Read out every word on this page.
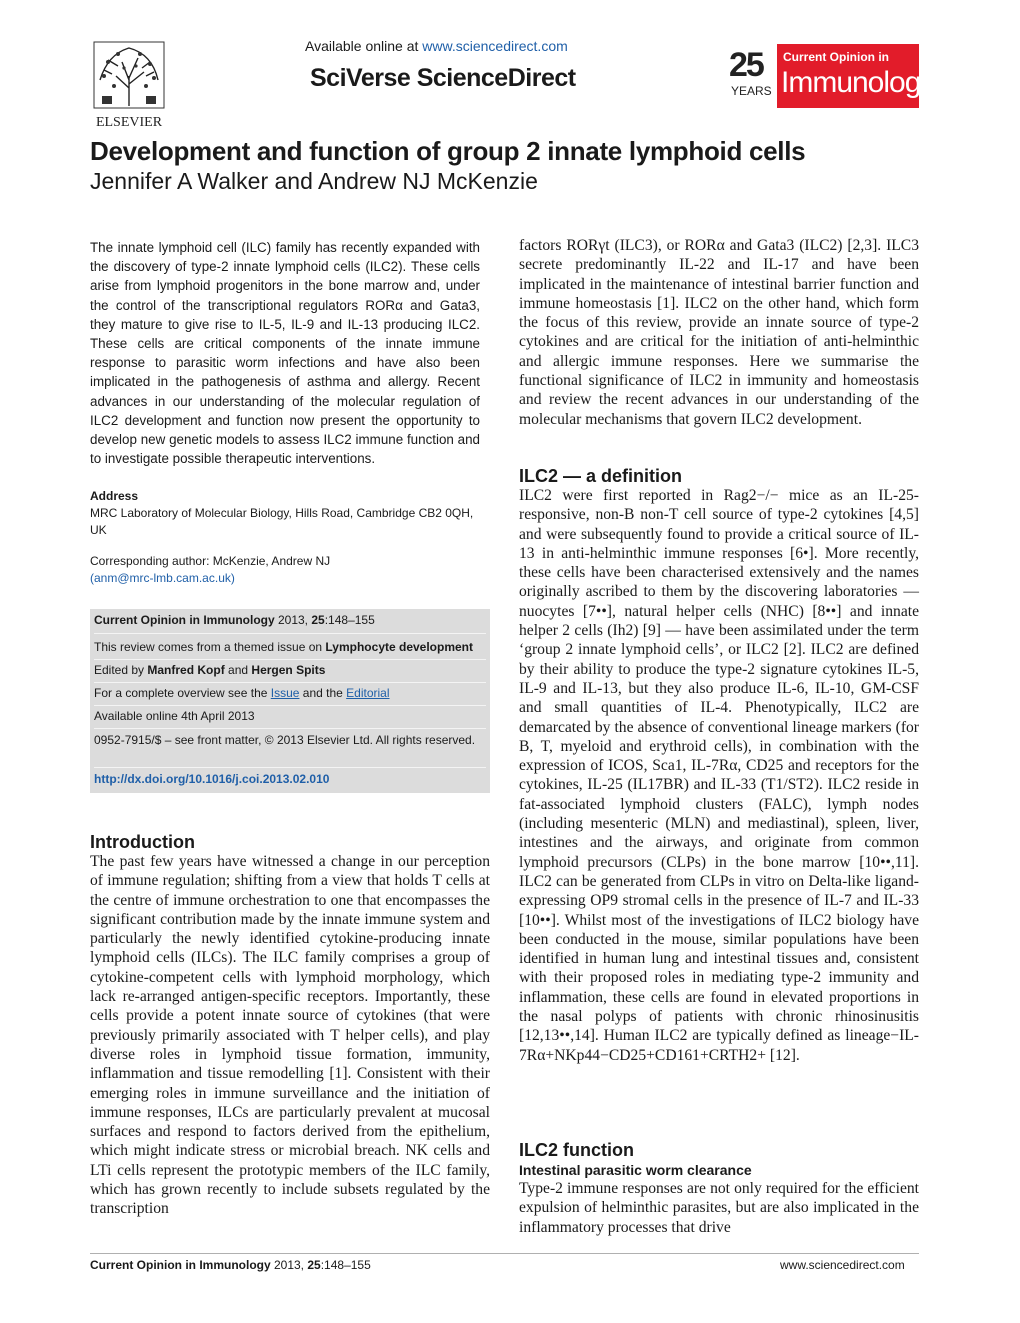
ELSEVIER
Available online at www.sciencedirect.com
SciVerse ScienceDirect	25
YEARS
Current Opinion in
Immunology
Development and function of group 2 innate lymphoid cells
Jennifer A Walker and Andrew NJ McKenzie
The innate lymphoid cell (ILC) family has recently expanded with the discovery of type-2 innate lymphoid cells (ILC2). These cells arise from lymphoid progenitors in the bone marrow and, under the control of the transcriptional regulators RORα and Gata3, they mature to give rise to IL-5, IL-9 and IL-13 producing ILC2. These cells are critical components of the innate immune response to parasitic worm infections and have also been implicated in the pathogenesis of asthma and allergy. Recent advances in our understanding of the molecular regulation of ILC2 development and function now present the opportunity to develop new genetic models to assess ILC2 immune function and to investigate possible therapeutic interventions.
Address
MRC Laboratory of Molecular Biology, Hills Road, Cambridge CB2 0QH, UK
Corresponding author: McKenzie, Andrew NJ
(anm@mrc-lmb.cam.ac.uk)
Current Opinion in Immunology 2013, 25:148–155
This review comes from a themed issue on Lymphocyte development
Edited by Manfred Kopf and Hergen Spits
For a complete overview see the Issue and the Editorial
Available online 4th April 2013
0952-7915/$ – see front matter, © 2013 Elsevier Ltd. All rights reserved.
http://dx.doi.org/10.1016/j.coi.2013.02.010
Introduction
The past few years have witnessed a change in our perception of immune regulation; shifting from a view that holds T cells at the centre of immune orchestration to one that encompasses the significant contribution made by the innate immune system and particularly the newly identified cytokine-producing innate lymphoid cells (ILCs). The ILC family comprises a group of cytokine-competent cells with lymphoid morphology, which lack re-arranged antigen-specific receptors. Importantly, these cells provide a potent innate source of cytokines (that were previously primarily associated with T helper cells), and play diverse roles in lymphoid tissue formation, immunity, inflammation and tissue remodelling [1]. Consistent with their emerging roles in immune surveillance and the initiation of immune responses, ILCs are particularly prevalent at mucosal surfaces and respond to factors derived from the epithelium, which might indicate stress or microbial breach. NK cells and LTi cells represent the prototypic members of the ILC family, which has grown recently to include subsets regulated by the transcription
factors RORγt (ILC3), or RORα and Gata3 (ILC2) [2,3]. ILC3 secrete predominantly IL-22 and IL-17 and have been implicated in the maintenance of intestinal barrier function and immune homeostasis [1]. ILC2 on the other hand, which form the focus of this review, provide an innate source of type-2 cytokines and are critical for the initiation of anti-helminthic and allergic immune responses. Here we summarise the functional significance of ILC2 in immunity and homeostasis and review the recent advances in our understanding of the molecular mechanisms that govern ILC2 development.
ILC2 — a definition
ILC2 were first reported in Rag2−/− mice as an IL-25-responsive, non-B non-T cell source of type-2 cytokines [4,5] and were subsequently found to provide a critical source of IL-13 in anti-helminthic immune responses [6•]. More recently, these cells have been characterised extensively and the names originally ascribed to them by the discovering laboratories — nuocytes [7••], natural helper cells (NHC) [8••] and innate helper 2 cells (Ih2) [9] — have been assimilated under the term ‘group 2 innate lymphoid cells’, or ILC2 [2]. ILC2 are defined by their ability to produce the type-2 signature cytokines IL-5, IL-9 and IL-13, but they also produce IL-6, IL-10, GM-CSF and small quantities of IL-4. Phenotypically, ILC2 are demarcated by the absence of conventional lineage markers (for B, T, myeloid and erythroid cells), in combination with the expression of ICOS, Sca1, IL-7Rα, CD25 and receptors for the cytokines, IL-25 (IL17BR) and IL-33 (T1/ST2). ILC2 reside in fat-associated lymphoid clusters (FALC), lymph nodes (including mesenteric (MLN) and mediastinal), spleen, liver, intestines and the airways, and originate from common lymphoid precursors (CLPs) in the bone marrow [10••,11]. ILC2 can be generated from CLPs in vitro on Delta-like ligand-expressing OP9 stromal cells in the presence of IL-7 and IL-33 [10••]. Whilst most of the investigations of ILC2 biology have been conducted in the mouse, similar populations have been identified in human lung and intestinal tissues and, consistent with their proposed roles in mediating type-2 immunity and inflammation, these cells are found in elevated proportions in the nasal polyps of patients with chronic rhinosinusitis [12,13••,14]. Human ILC2 are typically defined as lineage−IL-7Rα+NKp44−CD25+CD161+CRTH2+ [12].
ILC2 function
Intestinal parasitic worm clearance
Type-2 immune responses are not only required for the efficient expulsion of helminthic parasites, but are also implicated in the inflammatory processes that drive
Current Opinion in Immunology 2013, 25:148–155	www.sciencedirect.com
